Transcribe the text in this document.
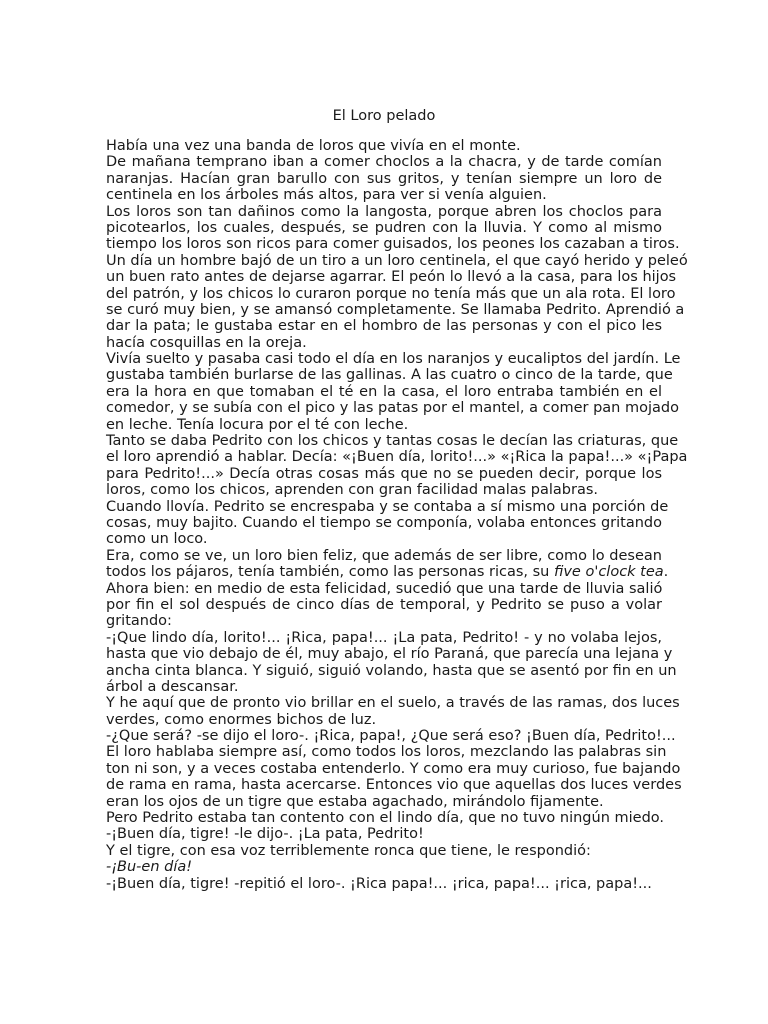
El Loro pelado
Había una vez una banda de loros que vivía en el monte.
De mañana temprano iban a comer choclos a la chacra, y de tarde comían
naranjas. Hacían gran barullo con sus gritos, y tenían siempre un loro de
centinela en los árboles más altos, para ver si venía alguien.
Los loros son tan dañinos como la langosta, porque abren los choclos para
picotearlos, los cuales, después, se pudren con la lluvia. Y como al mismo
tiempo los loros son ricos para comer guisados, los peones los cazaban a tiros.
Un día un hombre bajó de un tiro a un loro centinela, el que cayó herido y peleó
un buen rato antes de dejarse agarrar. El peón lo llevó a la casa, para los hijos
del patrón, y los chicos lo curaron porque no tenía más que un ala rota. El loro
se curó muy bien, y se amansó completamente. Se llamaba Pedrito. Aprendió a
dar la pata; le gustaba estar en el hombro de las personas y con el pico les
hacía cosquillas en la oreja.
Vivía suelto y pasaba casi todo el día en los naranjos y eucaliptos del jardín. Le
gustaba también burlarse de las gallinas. A las cuatro o cinco de la tarde, que
era la hora en que tomaban el té en la casa, el loro entraba también en el
comedor, y se subía con el pico y las patas por el mantel, a comer pan mojado
en leche. Tenía locura por el té con leche.
Tanto se daba Pedrito con los chicos y tantas cosas le decían las criaturas, que
el loro aprendió a hablar. Decía: «¡Buen día, lorito!...» «¡Rica la papa!...» «¡Papa
para Pedrito!...» Decía otras cosas más que no se pueden decir, porque los
loros, como los chicos, aprenden con gran facilidad malas palabras.
Cuando llovía. Pedrito se encrespaba y se contaba a sí mismo una porción de
cosas, muy bajito. Cuando el tiempo se componía, volaba entonces gritando
como un loco.
Era, como se ve, un loro bien feliz, que además de ser libre, como lo desean
todos los pájaros, tenía también, como las personas ricas, su five o'clock tea.
Ahora bien: en medio de esta felicidad, sucedió que una tarde de lluvia salió
por fin el sol después de cinco días de temporal, y Pedrito se puso a volar
gritando:
-¡Que lindo día, lorito!... ¡Rica, papa!... ¡La pata, Pedrito! - y no volaba lejos,
hasta que vio debajo de él, muy abajo, el río Paraná, que parecía una lejana y
ancha cinta blanca. Y siguió, siguió volando, hasta que se asentó por fin en un
árbol a descansar.
Y he aquí que de pronto vio brillar en el suelo, a través de las ramas, dos luces
verdes, como enormes bichos de luz.
-¿Que será? -se dijo el loro-. ¡Rica, papa!, ¿Que será eso? ¡Buen día, Pedrito!...
El loro hablaba siempre así, como todos los loros, mezclando las palabras sin
ton ni son, y a veces costaba entenderlo. Y como era muy curioso, fue bajando
de rama en rama, hasta acercarse. Entonces vio que aquellas dos luces verdes
eran los ojos de un tigre que estaba agachado, mirándolo fijamente.
Pero Pedrito estaba tan contento con el lindo día, que no tuvo ningún miedo.
-¡Buen día, tigre! -le dijo-. ¡La pata, Pedrito!
Y el tigre, con esa voz terriblemente ronca que tiene, le respondió:
-¡Bu-en día!
-¡Buen día, tigre! -repitió el loro-. ¡Rica papa!... ¡rica, papa!... ¡rica, papa!...
